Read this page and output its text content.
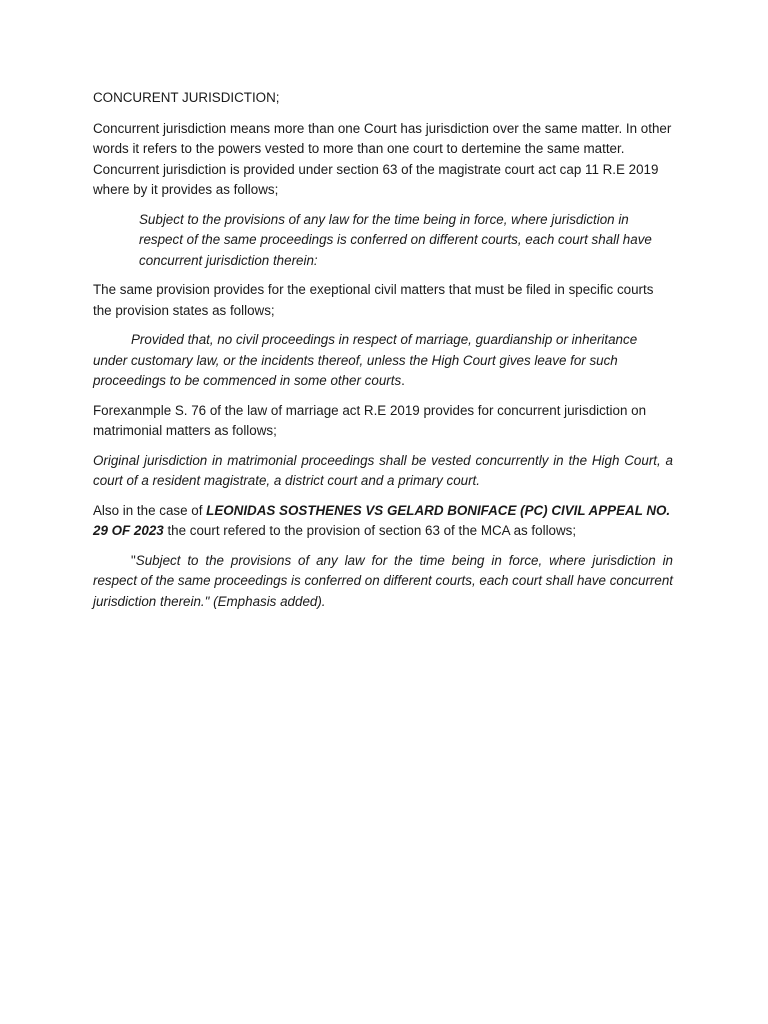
CONCURENT JURISDICTION;

Concurrent jurisdiction means more than one Court has jurisdiction over the same matter. In other words it refers to the powers vested to more than one court to dertemine the same matter. Concurrent jurisdiction is provided under section 63 of the magistrate court act cap 11 R.E 2019 where by it provides as follows;

Subject to the provisions of any law for the time being in force, where jurisdiction in respect of the same proceedings is conferred on different courts, each court shall have concurrent jurisdiction therein:

The same provision provides for the exeptional civil matters that must be filed in specific courts the provision states as follows;

Provided that, no civil proceedings in respect of marriage, guardianship or inheritance under customary law, or the incidents thereof, unless the High Court gives leave for such proceedings to be commenced in some other courts.

Forexanmple S. 76 of the law of marriage act R.E 2019 provides for concurrent jurisdiction on matrimonial matters as follows;

Original jurisdiction in matrimonial proceedings shall be vested concurrently in the High Court, a court of a resident magistrate, a district court and a primary court.

Also in the case of LEONIDAS SOSTHENES VS GELARD BONIFACE (PC) CIVIL APPEAL NO. 29 OF 2023 the court refered to the provision of section 63 of the MCA as follows;

"Subject to the provisions of any law for the time being in force, where jurisdiction in respect of the same proceedings is conferred on different courts, each court shall have concurrent jurisdiction therein." (Emphasis added).
